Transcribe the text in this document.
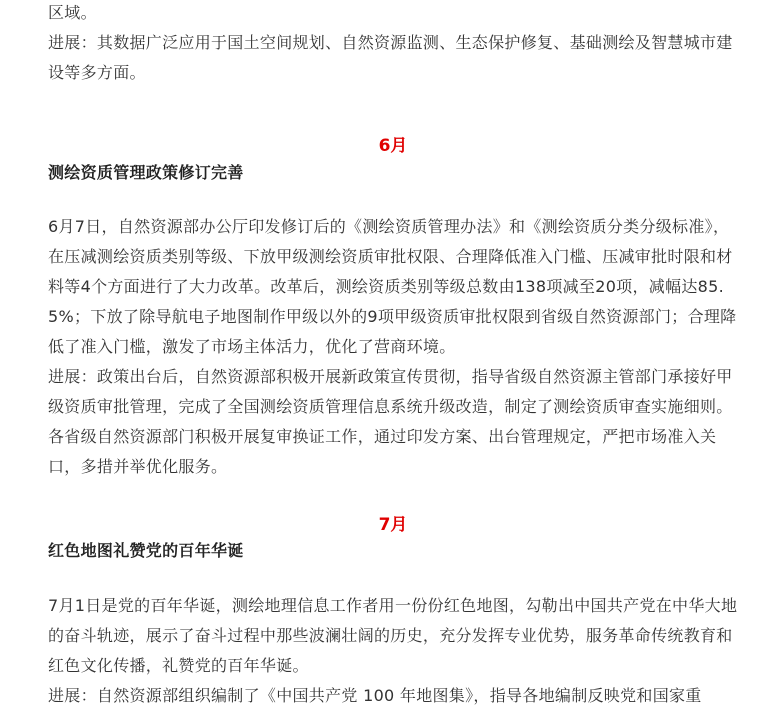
区域。

进展：其数据广泛应用于国土空间规划、自然资源监测、生态保护修复、基础测绘及智慧城市建设等多方面。

6月
测绘资质管理政策修订完善

6月7日，自然资源部办公厅印发修订后的《测绘资质管理办法》和《测绘资质分类分级标准》，在压减测绘资质类别等级、下放甲级测绘资质审批权限、合理降低准入门槛、压减审批时限和材料等4个方面进行了大力改革。改革后，测绘资质类别等级总数由138项减至20项，减幅达85.5%；下放了除导航电子地图制作甲级以外的9项甲级资质审批权限到省级自然资源部门；合理降低了准入门槛，激发了市场主体活力，优化了营商环境。

进展：政策出台后，自然资源部积极开展新政策宣传贯彻，指导省级自然资源主管部门承接好甲级资质审批管理，完成了全国测绘资质管理信息系统升级改造，制定了测绘资质审查实施细则。各省级自然资源部门积极开展复审换证工作，通过印发方案、出台管理规定，严把市场准入关口，多措并举优化服务。

7月
红色地图礼赞党的百年华诞

7月1日是党的百年华诞，测绘地理信息工作者用一份份红色地图，勾勒出中国共产党在中华大地的奋斗轨迹，展示了奋斗过程中那些波澜壮阔的历史，充分发挥专业优势，服务革命传统教育和红色文化传播，礼赞党的百年华诞。

进展：自然资源部组织编制了《中国共产党 100 年地图集》，指导各地编制反映党和国家重
